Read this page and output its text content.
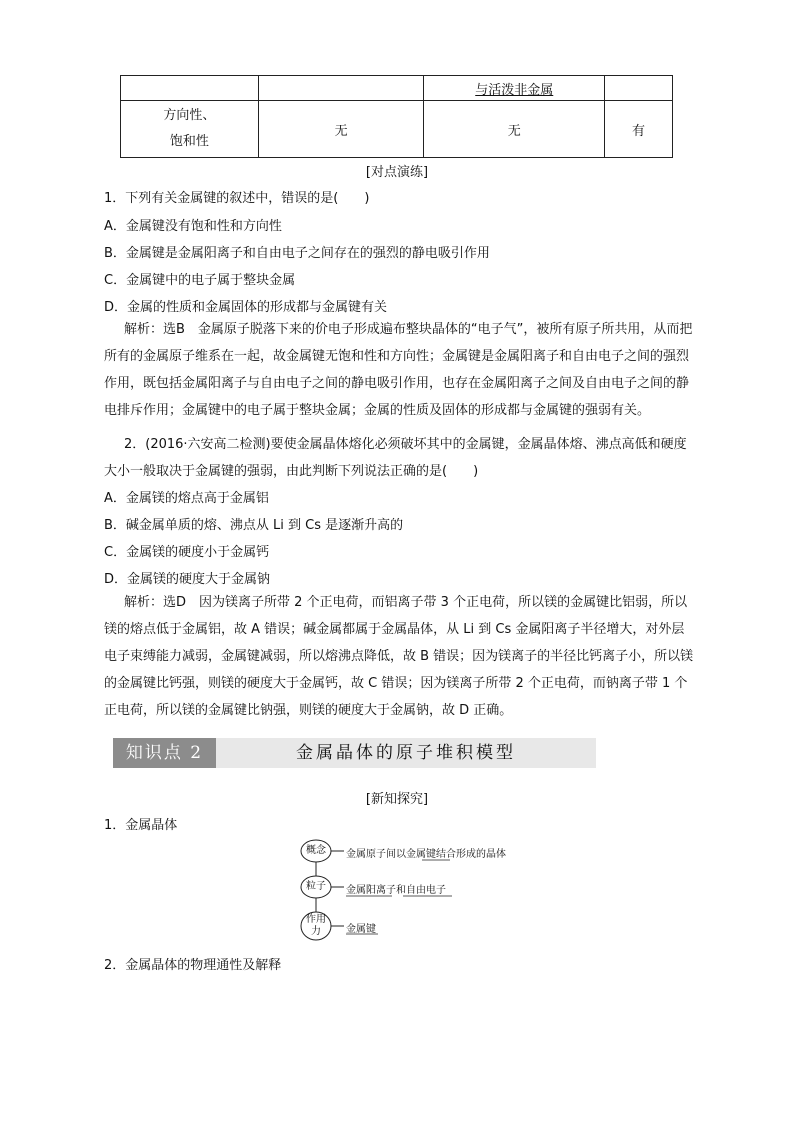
		与活泼非金属	

方向性、
饱和性	无	无	有
[对点演练]
1．下列有关金属键的叙述中，错误的是(　　)
A．金属键没有饱和性和方向性
B．金属键是金属阳离子和自由电子之间存在的强烈的静电吸引作用
C．金属键中的电子属于整块金属
D．金属的性质和金属固体的形成都与金属键有关
解析：选B　金属原子脱落下来的价电子形成遍布整块晶体的“电子气”，被所有原子所共用，从而把所有的金属原子维系在一起，故金属键无饱和性和方向性；金属键是金属阳离子和自由电子之间的强烈作用，既包括金属阳离子与自由电子之间的静电吸引作用，也存在金属阳离子之间及自由电子之间的静电排斥作用；金属键中的电子属于整块金属；金属的性质及固体的形成都与金属键的强弱有关。
2．(2016·六安高二检测)要使金属晶体熔化必须破坏其中的金属键，金属晶体熔、沸点高低和硬度大小一般取决于金属键的强弱，由此判断下列说法正确的是(　　)
A．金属镁的熔点高于金属铝
B．碱金属单质的熔、沸点从 Li 到 Cs 是逐渐升高的
C．金属镁的硬度小于金属钙
D．金属镁的硬度大于金属钠
解析：选D　因为镁离子所带 2 个正电荷，而铝离子带 3 个正电荷，所以镁的金属键比铝弱，所以镁的熔点低于金属铝，故 A 错误；碱金属都属于金属晶体，从 Li 到 Cs 金属阳离子半径增大，对外层电子束缚能力减弱，金属键减弱，所以熔沸点降低，故 B 错误；因为镁离子的半径比钙离子小，所以镁的金属键比钙强，则镁的硬度大于金属钙，故 C 错误；因为镁离子所带 2 个正电荷，而钠离子带 1 个正电荷，所以镁的金属键比钠强，则镁的硬度大于金属钠，故 D 正确。
知识点 2	金属晶体的原子堆积模型
[新知探究]
1．金属晶体
概念
粒子
作用力
金属原子间以金属键结合形成的晶体
金属阳离子和自由电子
金属键
2．金属晶体的物理通性及解释
